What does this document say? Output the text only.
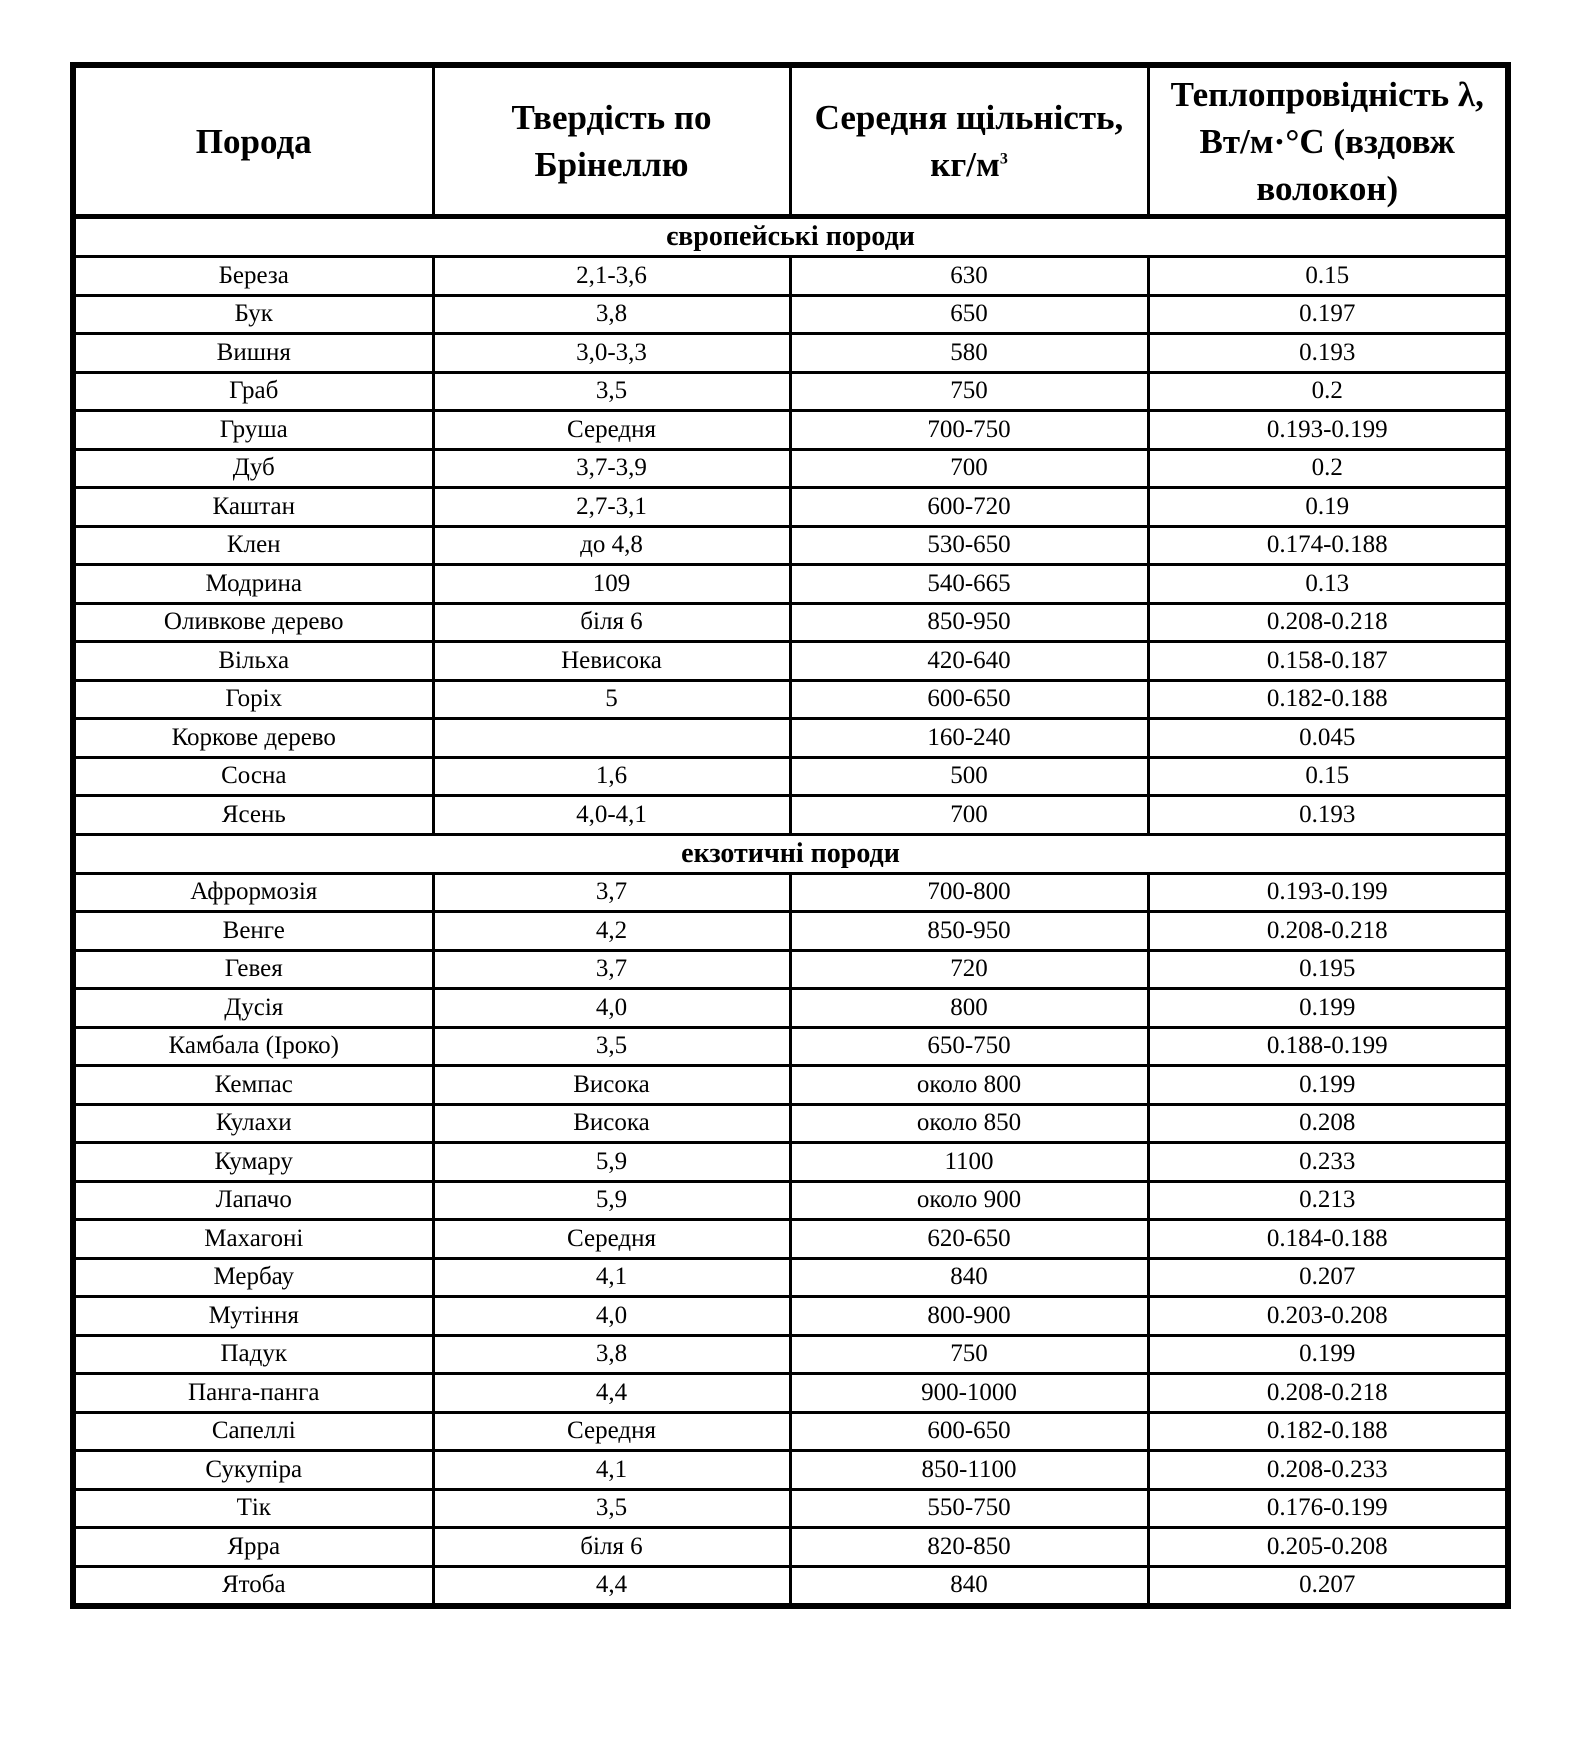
Порода	Твердість по Брінеллю	Середня щільність, $кг/м^3$	Теплопровідність λ, Вт/м·°С (вздовж волокон)
європейські породи			
Береза	2,1-3,6	630	0.15
Бук	3,8	650	0.197
Вишня	3,0-3,3	580	0.193
Граб	3,5	750	0.2
Груша	Середня	700-750	0.193-0.199
Дуб	3,7-3,9	700	0.2
Каштан	2,7-3,1	600-720	0.19
Клен	до 4,8	530-650	0.174-0.188
Модрина	109	540-665	0.13
Оливкове дерево	біля 6	850-950	0.208-0.218
Вільха	Невисока	420-640	0.158-0.187
Горіх	5	600-650	0.182-0.188
Коркове дерево		160-240	0.045
Сосна	1,6	500	0.15
Ясень	4,0-4,1	700	0.193
екзотичні породи			
Афрормозія	3,7	700-800	0.193-0.199
Венге	4,2	850-950	0.208-0.218
Гевея	3,7	720	0.195
Дусія	4,0	800	0.199
Камбала (Іроко)	3,5	650-750	0.188-0.199
Кемпас	Висока	около 800	0.199
Кулахи	Висока	около 850	0.208
Кумару	5,9	1100	0.233
Лапачо	5,9	около 900	0.213
Махагоні	Середня	620-650	0.184-0.188
Мербау	4,1	840	0.207
Мутіння	4,0	800-900	0.203-0.208
Падук	3,8	750	0.199
Панга-панга	4,4	900-1000	0.208-0.218
Сапеллі	Середня	600-650	0.182-0.188
Сукупіра	4,1	850-1100	0.208-0.233
Тік	3,5	550-750	0.176-0.199
Ярра	біля 6	820-850	0.205-0.208
Ятоба	4,4	840	0.207
